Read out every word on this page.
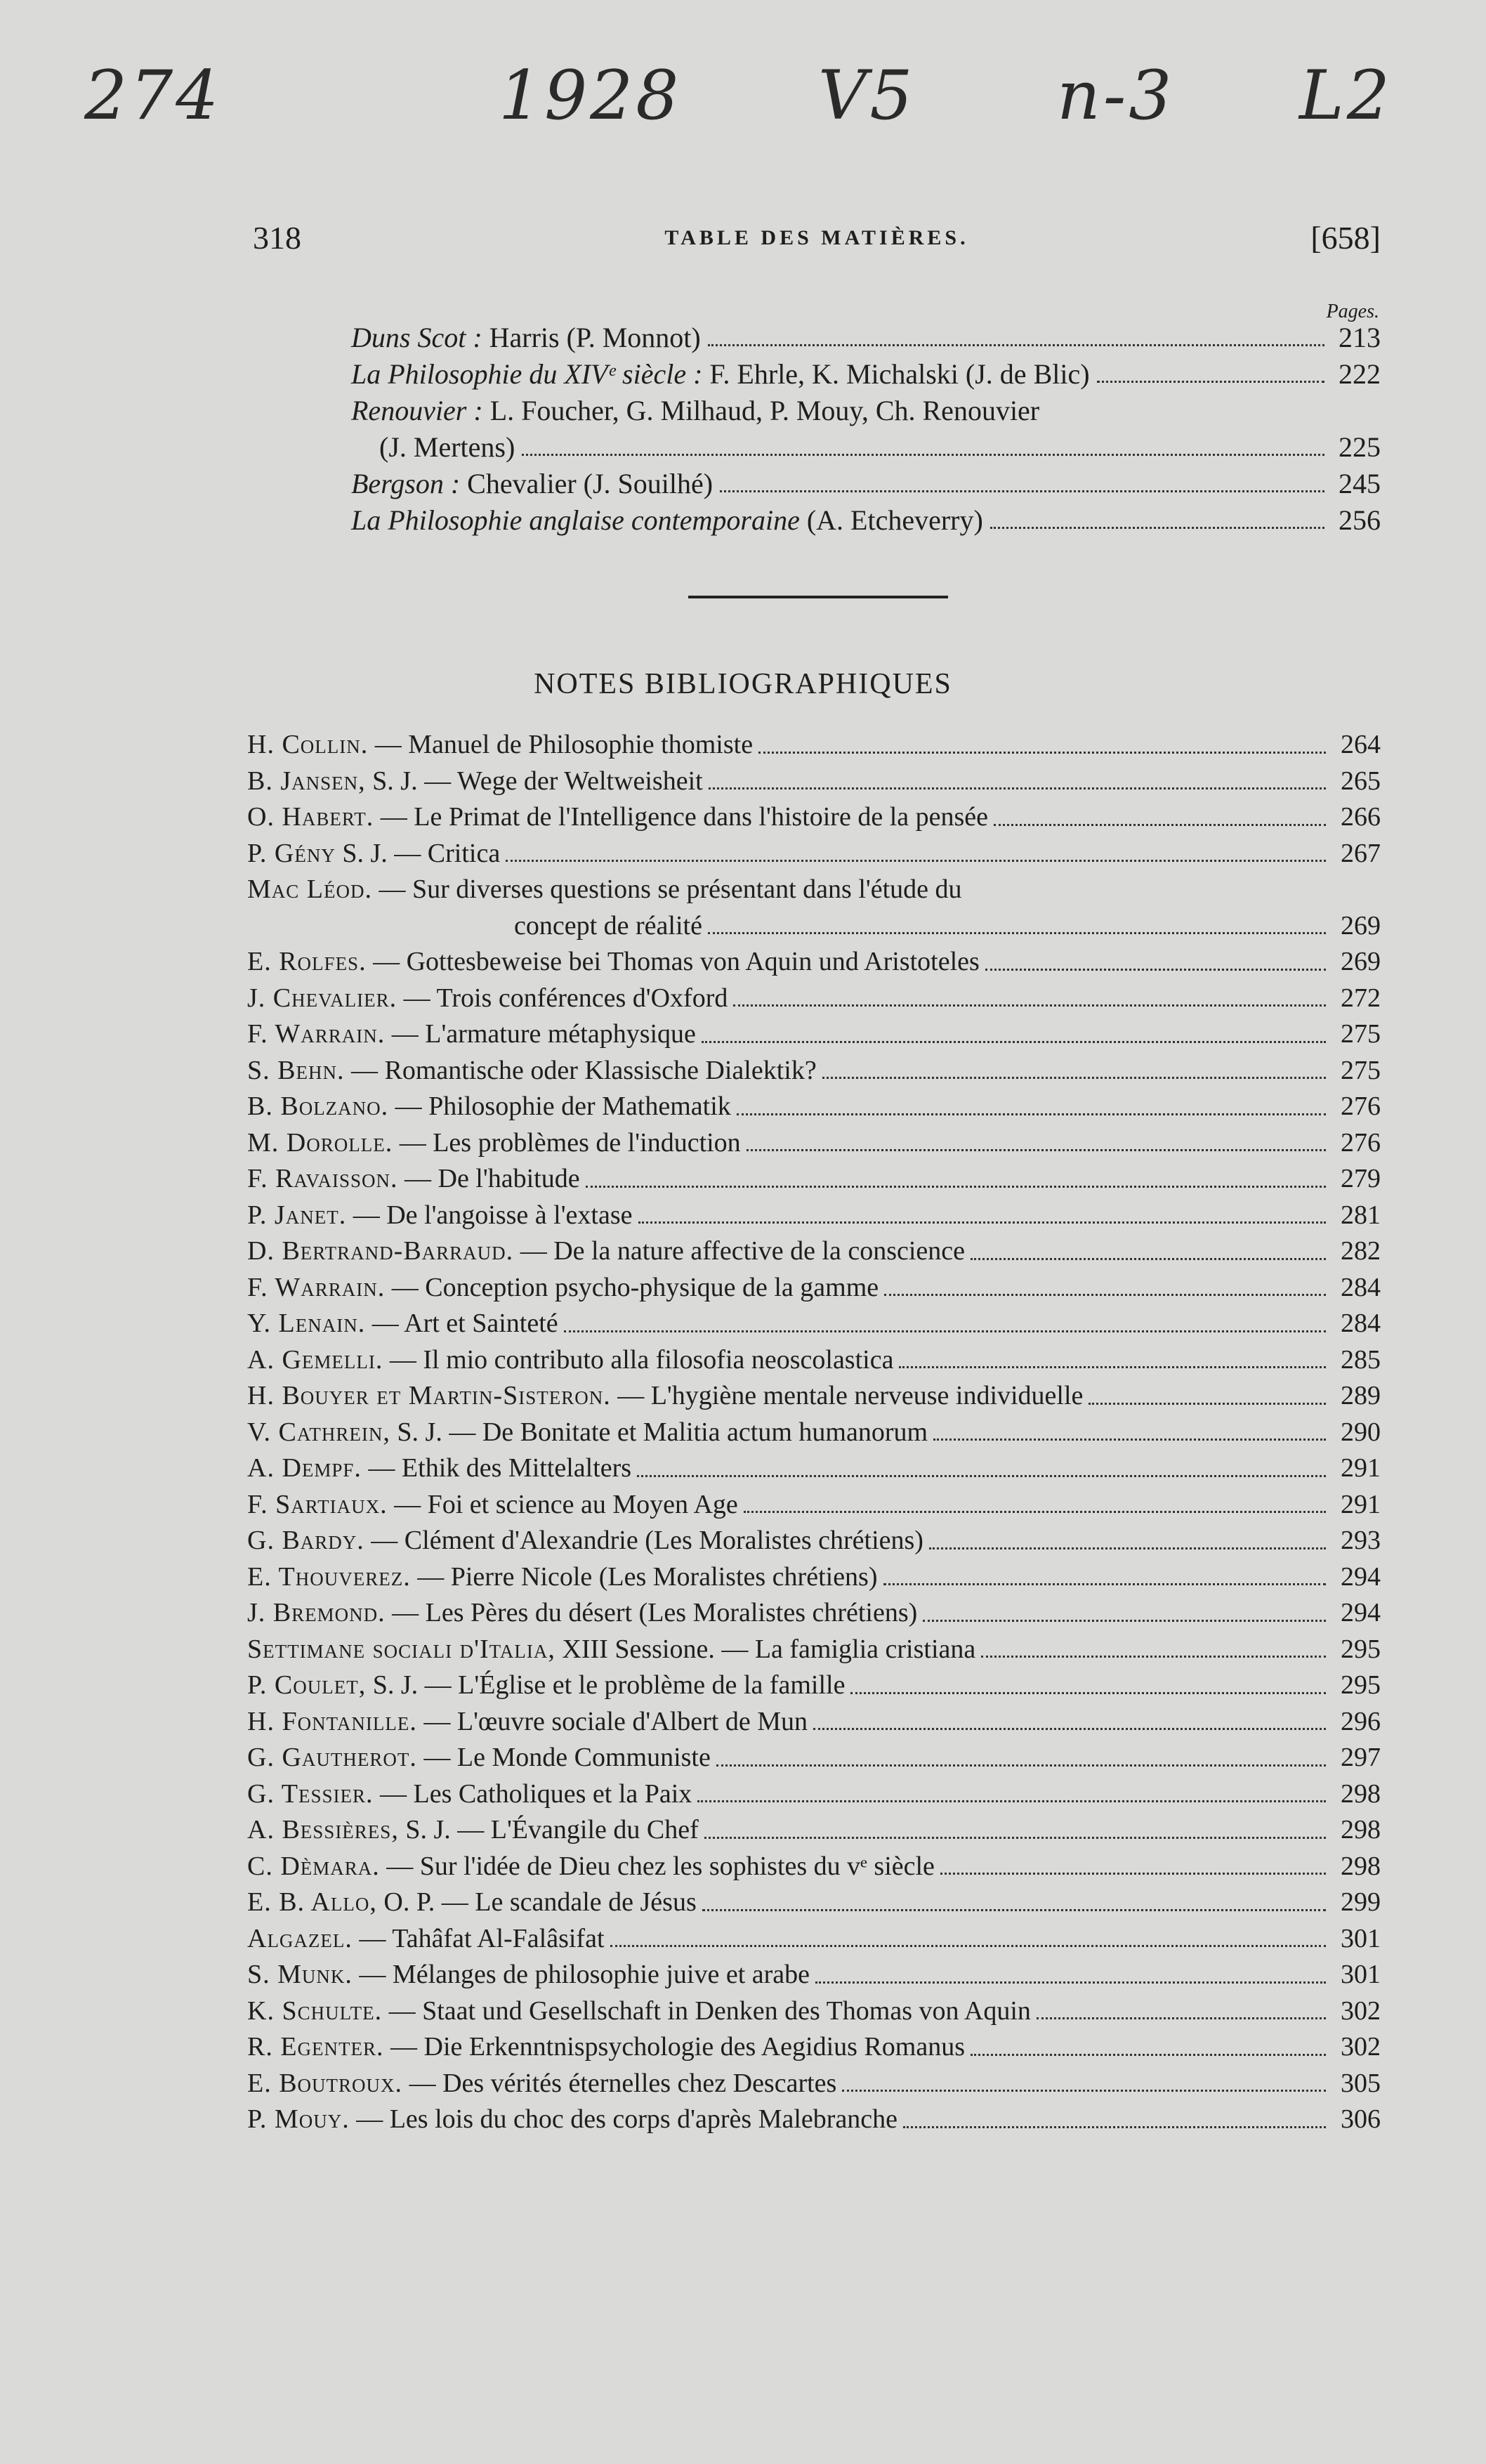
274	1928 V5 n-3 L2
318	TABLE DES MATIÈRES.	[658]
Pages.
Duns Scot : Harris (P. Monnot)	213
La Philosophie du XIVᵉ siècle : F. Ehrle, K. Michalski (J. de Blic)	222
Renouvier : L. Foucher, G. Milhaud, P. Mouy, Ch. Renouvier
(J. Mertens)	225
Bergson : Chevalier (J. Souilhé)	245
La Philosophie anglaise contemporaine (A. Etcheverry)	256
NOTES BIBLIOGRAPHIQUES
H. Collin. — Manuel de Philosophie thomiste	264
B. Jansen, S. J. — Wege der Weltweisheit	265
O. Habert. — Le Primat de l'Intelligence dans l'histoire de la pensée	266
P. Gény S. J. — Critica	267
Mac Léod. — Sur diverses questions se présentant dans l'étude du
concept de réalité	269
E. Rolfes. — Gottesbeweise bei Thomas von Aquin und Aristoteles	269
J. Chevalier. — Trois conférences d'Oxford	272
F. Warrain. — L'armature métaphysique	275
S. Behn. — Romantische oder Klassische Dialektik?	275
B. Bolzano. — Philosophie der Mathematik	276
M. Dorolle. — Les problèmes de l'induction	276
F. Ravaisson. — De l'habitude	279
P. Janet. — De l'angoisse à l'extase	281
D. Bertrand-Barraud. — De la nature affective de la conscience	282
F. Warrain. — Conception psycho-physique de la gamme	284
Y. Lenain. — Art et Sainteté	284
A. Gemelli. — Il mio contributo alla filosofia neoscolastica	285
H. Bouyer et Martin-Sisteron. — L'hygiène mentale nerveuse individuelle	289
V. Cathrein, S. J. — De Bonitate et Malitia actum humanorum	290
A. Dempf. — Ethik des Mittelalters	291
F. Sartiaux. — Foi et science au Moyen Age	291
G. Bardy. — Clément d'Alexandrie (Les Moralistes chrétiens)	293
E. Thouverez. — Pierre Nicole (Les Moralistes chrétiens)	294
J. Bremond. — Les Pères du désert (Les Moralistes chrétiens)	294
Settimane sociali d'Italia, XIII Sessione. — La famiglia cristiana	295
P. Coulet, S. J. — L'Église et le problème de la famille	295
H. Fontanille. — L'œuvre sociale d'Albert de Mun	296
G. Gautherot. — Le Monde Communiste	297
G. Tessier. — Les Catholiques et la Paix	298
A. Bessières, S. J. — L'Évangile du Chef	298
C. Dèmara. — Sur l'idée de Dieu chez les sophistes du vᵉ siècle	298
E. B. Allo, O. P. — Le scandale de Jésus	299
Algazel. — Tahâfat Al-Falâsifat	301
S. Munk. — Mélanges de philosophie juive et arabe	301
K. Schulte. — Staat und Gesellschaft in Denken des Thomas von Aquin	302
R. Egenter. — Die Erkenntnispsychologie des Aegidius Romanus	302
E. Boutroux. — Des vérités éternelles chez Descartes	305
P. Mouy. — Les lois du choc des corps d'après Malebranche	306
